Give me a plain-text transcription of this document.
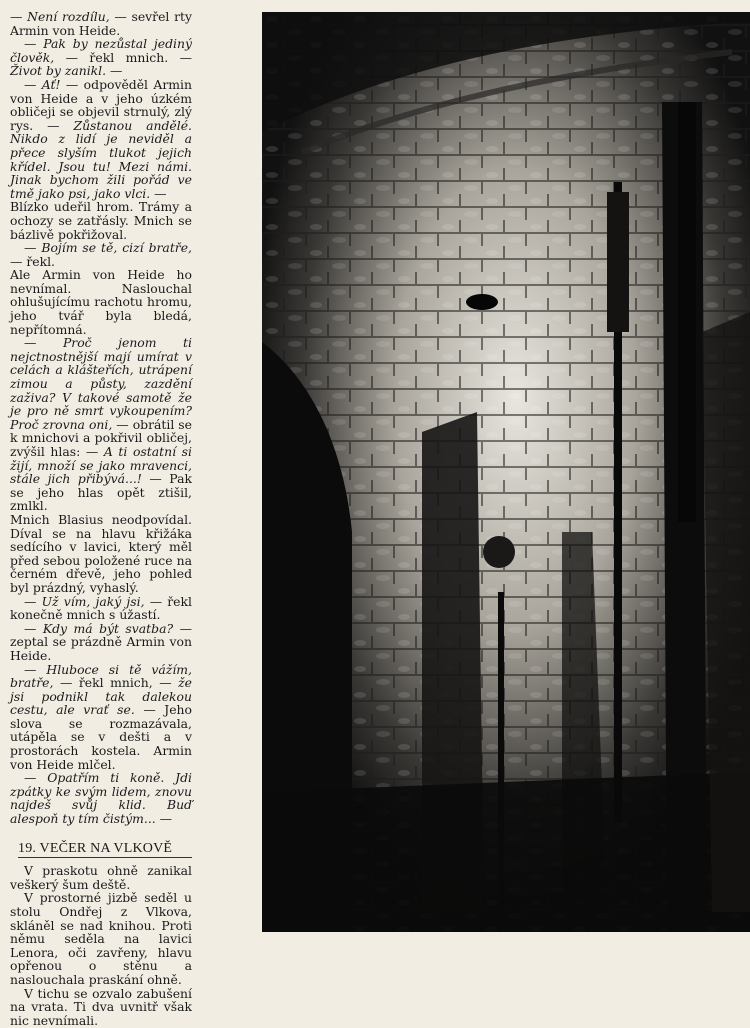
— Není rozdílu, — sevřel rty Armin von Heide.

— Pak by nezůstal jediný člověk, — řekl mnich. — Život by zanikl. —

— Ať! — odpověděl Armin von Heide a v jeho úzkém obličeji se objevil strnulý, zlý rys. — Zůstanou andělé. Nikdo z lidí je neviděl a přece slyším tlukot jejich křídel. Jsou tu! Mezi námi. Jinak bychom žili pořád ve tmě jako psi, jako vlci. —

Blízko udeřil hrom. Trámy a ochozy se zatřásly. Mnich se bázlivě pokřižoval.

— Bojím se tě, cizí bratře, — řekl.

Ale Armin von Heide ho nevnímal. Naslouchal ohlušujícímu rachotu hromu, jeho tvář byla bledá, nepřítomná.

— Proč jenom ti nejctnostnější mají umírat v celách a klášteřích, utrápení zimou a půsty, zazdění zaživa? V takové samotě že je pro ně smrt vykoupením? Proč zrovna oni, — obrátil se k mnichovi a pokřivil obličej, zvýšil hlas: — A ti ostatní si žijí, množí se jako mravenci, stále jich přibývá...! — Pak se jeho hlas opět ztišil, zmlkl.

Mnich Blasius neodpovídal. Díval se na hlavu křižáka sedícího v lavici, který měl před sebou položené ruce na černém dřevě, jeho pohled byl prázdný, vyhaslý.

— Už vím, jaký jsi, — řekl konečně mnich s úžastí.

— Kdy má být svatba? — zeptal se prázdně Armin von Heide.

— Hluboce si tě vážím, bratře, — řekl mnich, — že jsi podnikl tak dalekou cestu, ale vrať se. — Jeho slova se rozmazávala, utápěla se v dešti a v prostorách kostela. Armin von Heide mlčel.

— Opatřím ti koně. Jdi zpátky ke svým lidem, znovu najdeš svůj klid. Buď alespoň ty tím čistým... —

19. VEČER NA VLKOVĚ

V praskotu ohně zanikal veškerý šum deště.

V prostorné jizbě seděl u stolu Ondřej z Vlkova, skláněl se nad knihou. Proti němu seděla na lavici Lenora, oči zavřeny, hlavu opřenou o stěnu a naslouchala praskání ohně.

V tichu se ozvalo zabušení na vrata. Ti dva uvnitř však nic nevnímali.
